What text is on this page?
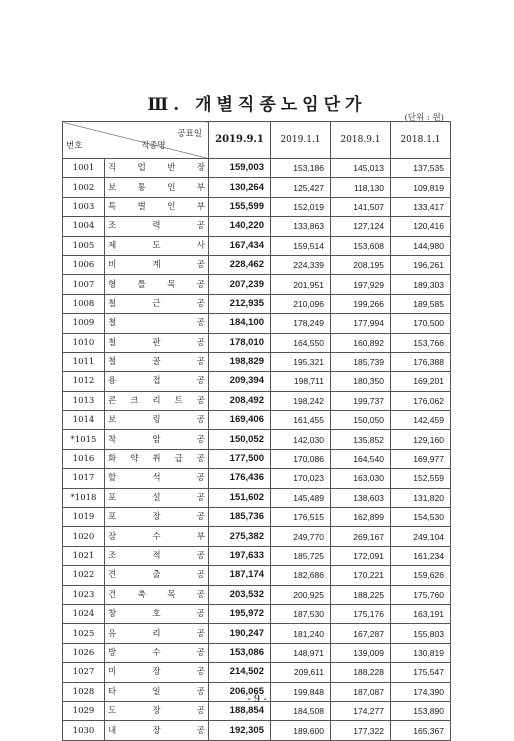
Ⅲ. 개별직종노임단가
(단위 : 원)
공표일
번호 직종명		2019.9.1	2019.1.1	2018.9.1	2018.1.1
1001	직 업 반 장	159,003	153,186	145,013	137,535
1002	보 통 인 부	130,264	125,427	118,130	109,819
1003	특 별 인 부	155,599	152,019	141,507	133,417
1004	조 력 공	140,220	133,863	127,124	120,416
1005	제 도 사	167,434	159,514	153,608	144,980
1006	비 계 공	228,462	224,339	208,195	196,261
1007	형 틀 목 공	207,239	201,951	197,929	189,303
1008	철 근 공	212,935	210,096	199,266	189,585
1009	철 공	184,100	178,249	177,994	170,500
1010	철 판 공	178,010	164,550	160,892	153,766
1011	철 골 공	198,829	195,321	185,739	176,388
1012	용 접 공	209,394	198,711	180,350	169,201
1013	콘 크 리 트 공	208,492	198,242	199,737	176,062
1014	보 링 공	169,406	161,455	150,050	142,459
*1015	착 암 공	150,052	142,030	135,852	129,160
1016	화 약 취 급 공	177,500	170,086	164,540	169,977
1017	할 석 공	176,436	170,023	163,030	152,559
*1018	포 설 공	151,602	145,489	138,603	131,820
1019	포 장 공	185,736	176,515	162,899	154,530
1020	잠 수 부	275,382	249,770	269,167	249,104
1021	조 적 공	197,633	185,725	172,091	161,234
1022	견 출 공	187,174	182,686	170,221	159,626
1023	건 축 목 공	203,532	200,925	188,225	175,760
1024	창 호 공	195,972	187,530	175,176	163,191
1025	유 리 공	190,247	181,240	167,287	155,803
1026	방 수 공	153,086	148,971	139,009	130,819
1027	미 장 공	214,502	209,611	188,228	175,547
1028	타 일 공	206,065	199,848	187,087	174,390
1029	도 장 공	188,854	184,508	174,277	153,890
1030	내 장 공	192,305	189,600	177,322	165,367
- 9 -
